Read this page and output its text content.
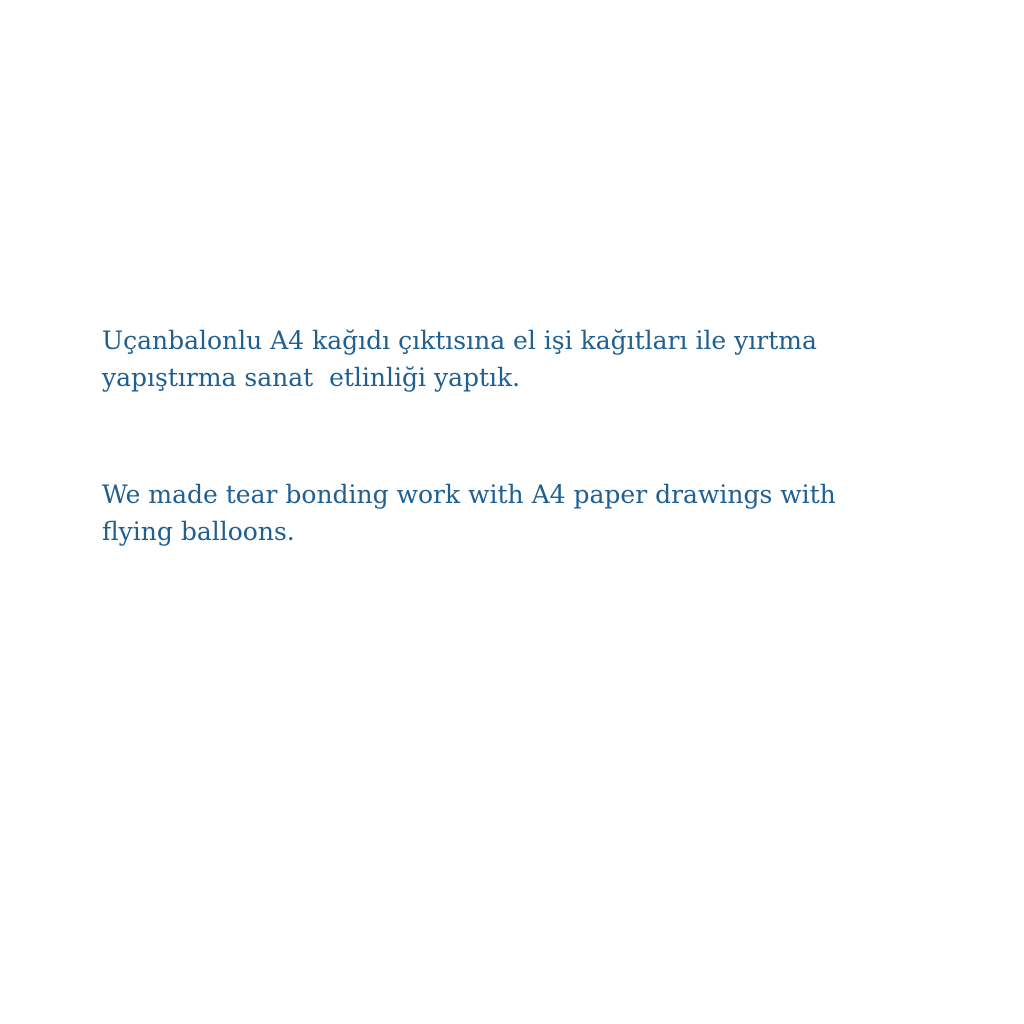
Uçanbalonlu A4 kağıdı çıktısına el işi kağıtları ile yırtma
yapıştırma sanat  etlinliği yaptık.

We made tear bonding work with A4 paper drawings with
flying balloons.
